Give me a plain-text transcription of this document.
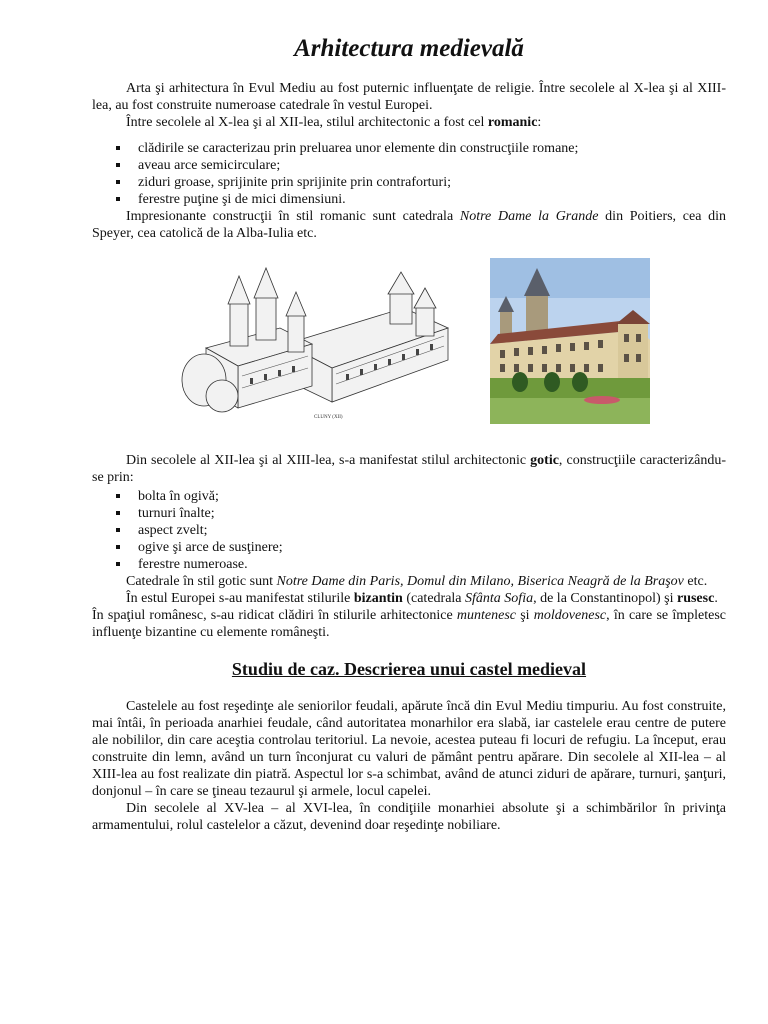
Arhitectura medievală

Arta şi arhitectura în Evul Mediu au fost puternic influenţate de religie. Între secolele al X-lea şi al XIII-lea, au fost construite numeroase catedrale în vestul Europei.

Între secolele al X-lea şi al XII-lea, stilul architectonic a fost cel romanic:

clădirile se caracterizau prin preluarea unor elemente din construcţiile romane;
aveau arce semicirculare;
ziduri groase, sprijinite prin sprijinite prin contraforturi;
ferestre puţine şi de mici dimensiuni.

Impresionante construcţii în stil romanic sunt catedrala Notre Dame la Grande din Poitiers, cea din Speyer, cea catolică de la Alba-Iulia etc.

CLUNY (XII)

Din secolele al XII-lea şi al XIII-lea, s-a manifestat stilul architectonic gotic, construcţiile caracterizându-se prin:

bolta în ogivă;
turnuri înalte;
aspect zvelt;
ogive şi arce de susţinere;
ferestre numeroase.

Catedrale în stil gotic sunt Notre Dame din Paris, Domul din Milano, Biserica Neagră de la Braşov etc.

În estul Europei s-au manifestat stilurile bizantin (catedrala Sfânta Sofia, de la Constantinopol) şi rusesc.

În spaţiul românesc, s-au ridicat clădiri în stilurile arhitectonice muntenesc şi moldovenesc, în care se împletesc influenţe bizantine cu elemente româneşti.

Studiu de caz. Descrierea unui castel medieval

Castelele au fost reşedinţe ale seniorilor feudali, apărute încă din Evul Mediu timpuriu. Au fost construite, mai întâi, în perioada anarhiei feudale, când autoritatea monarhilor era slabă, iar castelele erau centre de putere ale nobililor, din care aceştia controlau teritoriul. La nevoie, acestea puteau fi locuri de refugiu. La început, erau construite din lemn, având un turn înconjurat cu valuri de pământ pentru apărare. Din secolele al XII-lea – al XIII-lea au fost realizate din piatră. Aspectul lor s-a schimbat, având de atunci ziduri de apărare, turnuri, şanţuri, donjonul – în care se ţineau tezaurul şi armele, locul capelei.

Din secolele al XV-lea – al XVI-lea, în condiţiile monarhiei absolute şi a schimbărilor în privinţa armamentului, rolul castelelor a căzut, devenind doar reşedinţe nobiliare.
